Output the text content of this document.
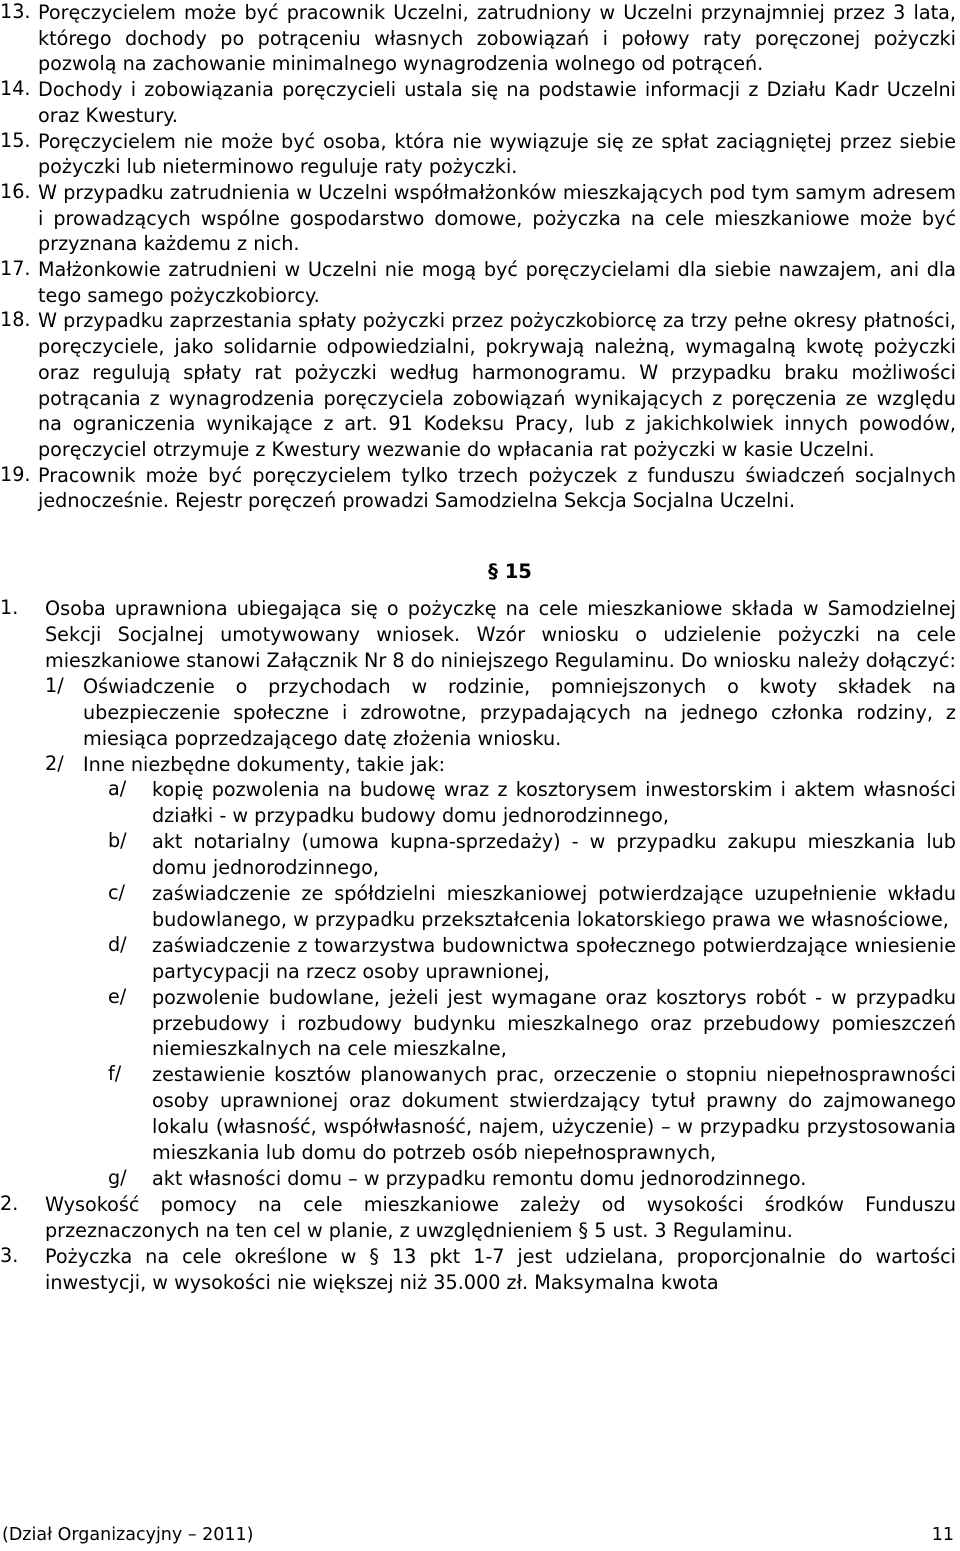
13. Poręczycielem może być pracownik Uczelni, zatrudniony w Uczelni przynajmniej przez 3 lata, którego dochody po potrąceniu własnych zobowiązań i połowy raty poręczonej pożyczki pozwolą na zachowanie minimalnego wynagrodzenia wolnego od potrąceń.
14. Dochody i zobowiązania poręczycieli ustala się na podstawie informacji z Działu Kadr Uczelni oraz Kwestury.
15. Poręczycielem nie może być osoba, która nie wywiązuje się ze spłat zaciągniętej przez siebie pożyczki lub nieterminowo reguluje raty pożyczki.
16. W przypadku zatrudnienia w Uczelni współmałżonków mieszkających pod tym samym adresem i prowadzących wspólne gospodarstwo domowe, pożyczka na cele mieszkaniowe może być przyznana każdemu z nich.
17. Małżonkowie zatrudnieni w Uczelni nie mogą być poręczycielami dla siebie nawzajem, ani dla tego samego pożyczkobiorcy.
18. W przypadku zaprzestania spłaty pożyczki przez pożyczkobiorcę za trzy pełne okresy płatności, poręczyciele, jako solidarnie odpowiedzialni, pokrywają należną, wymagalną kwotę pożyczki oraz regulują spłaty rat pożyczki według harmonogramu. W przypadku braku możliwości potrącania z wynagrodzenia poręczyciela zobowiązań wynikających z poręczenia ze względu na ograniczenia wynikające z art. 91 Kodeksu Pracy, lub z jakichkolwiek innych powodów, poręczyciel otrzymuje z Kwestury wezwanie do wpłacania rat pożyczki w kasie Uczelni.
19. Pracownik może być poręczycielem tylko trzech pożyczek z funduszu świadczeń socjalnych jednocześnie. Rejestr poręczeń prowadzi Samodzielna Sekcja Socjalna Uczelni.
§ 15
1. Osoba uprawniona ubiegająca się o pożyczkę na cele mieszkaniowe składa w Samodzielnej Sekcji Socjalnej umotywowany wniosek. Wzór wniosku o udzielenie pożyczki na cele mieszkaniowe stanowi Załącznik Nr 8 do niniejszego Regulaminu. Do wniosku należy dołączyć:
1/ Oświadczenie o przychodach w rodzinie, pomniejszonych o kwoty składek na ubezpieczenie społeczne i zdrowotne, przypadających na jednego członka rodziny, z miesiąca poprzedzającego datę złożenia wniosku.
2/ Inne niezbędne dokumenty, takie jak:
a/ kopię pozwolenia na budowę wraz z kosztorysem inwestorskim i aktem własności działki - w przypadku budowy domu jednorodzinnego,
b/ akt notarialny (umowa kupna-sprzedaży) - w przypadku zakupu mieszkania lub domu jednorodzinnego,
c/ zaświadczenie ze spółdzielni mieszkaniowej potwierdzające uzupełnienie wkładu budowlanego, w przypadku przekształcenia lokatorskiego prawa we własnościowe,
d/ zaświadczenie z towarzystwa budownictwa społecznego potwierdzające wniesienie partycypacji na rzecz osoby uprawnionej,
e/ pozwolenie budowlane, jeżeli jest wymagane oraz kosztorys robót - w przypadku przebudowy i rozbudowy budynku mieszkalnego oraz przebudowy pomieszczeń niemieszkalnych na cele mieszkalne,
f/ zestawienie kosztów planowanych prac, orzeczenie o stopniu niepełnosprawności osoby uprawnionej oraz dokument stwierdzający tytuł prawny do zajmowanego lokalu (własność, współwłasność, najem, użyczenie) – w przypadku przystosowania mieszkania lub domu do potrzeb osób niepełnosprawnych,
g/ akt własności domu – w przypadku remontu domu jednorodzinnego.
2. Wysokość pomocy na cele mieszkaniowe zależy od wysokości środków Funduszu przeznaczonych na ten cel w planie, z uwzględnieniem § 5 ust. 3 Regulaminu.
3. Pożyczka na cele określone w § 13 pkt 1-7 jest udzielana, proporcjonalnie do wartości inwestycji, w wysokości nie większej niż 35.000 zł. Maksymalna kwota
(Dział Organizacyjny – 2011)	11
